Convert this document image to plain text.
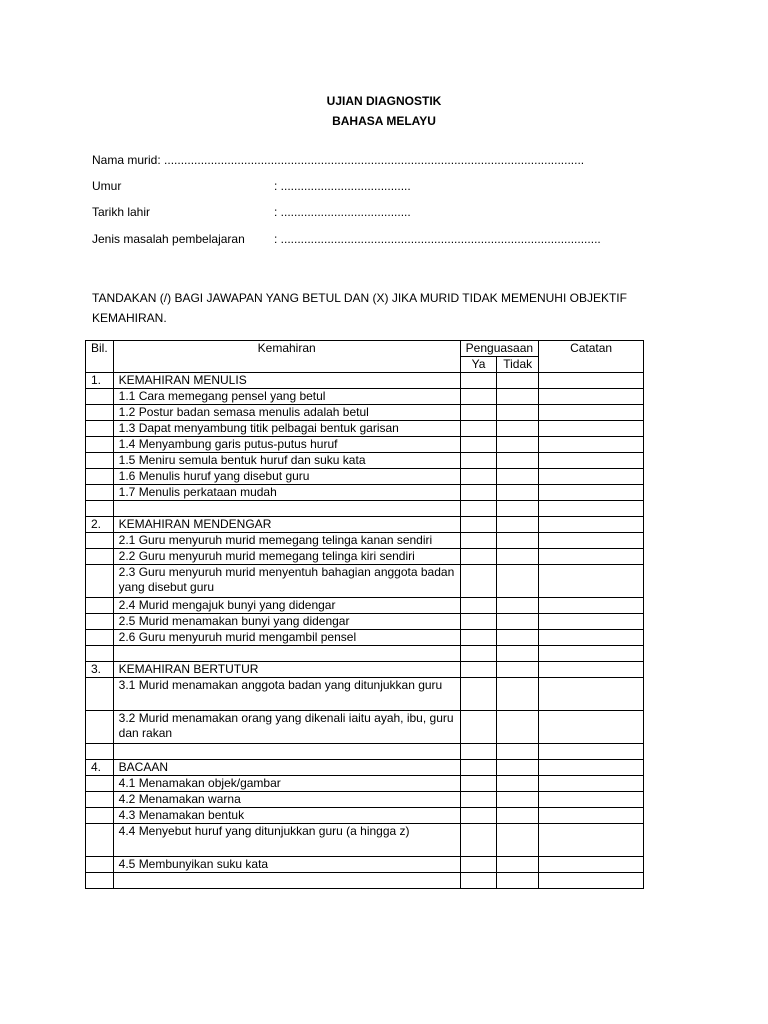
UJIAN DIAGNOSTIK
BAHASA MELAYU
Nama murid: ..............................................................................................................................
Umur	: .......................................
Tarikh lahir	: .......................................
Jenis masalah pembelajaran : ................................................................................................
TANDAKAN (/) BAGI JAWAPAN YANG BETUL DAN (X) JIKA MURID TIDAK MEMENUHI OBJEKTIF KEMAHIRAN.
Bil.	Kemahiran	Penguasaan		Catatan
		Ya	Tidak	
1.	KEMAHIRAN MENULIS			
	1.1 Cara memegang pensel yang betul			
	1.2 Postur badan semasa menulis adalah betul			
	1.3 Dapat menyambung titik pelbagai bentuk garisan			
	1.4 Menyambung garis putus-putus huruf			
	1.5 Meniru semula bentuk huruf dan suku kata			
	1.6 Menulis huruf yang disebut guru			
	1.7 Menulis perkataan mudah			

2.	KEMAHIRAN MENDENGAR			
	2.1 Guru menyuruh murid memegang telinga kanan sendiri			
	2.2 Guru menyuruh murid memegang telinga kiri sendiri			
	2.3 Guru menyuruh murid menyentuh bahagian anggota badan yang disebut guru			
	2.4 Murid mengajuk bunyi yang didengar			
	2.5 Murid menamakan bunyi yang didengar			
	2.6 Guru menyuruh murid mengambil pensel			

3.	KEMAHIRAN BERTUTUR			
	3.1 Murid menamakan anggota badan yang ditunjukkan guru			
	3.2 Murid menamakan orang yang dikenali iaitu ayah, ibu, guru dan rakan			

4.	BACAAN			
	4.1 Menamakan objek/gambar			
	4.2 Menamakan warna			
	4.3 Menamakan bentuk			
	4.4 Menyebut huruf yang ditunjukkan guru (a hingga z)			
	4.5 Membunyikan suku kata			
